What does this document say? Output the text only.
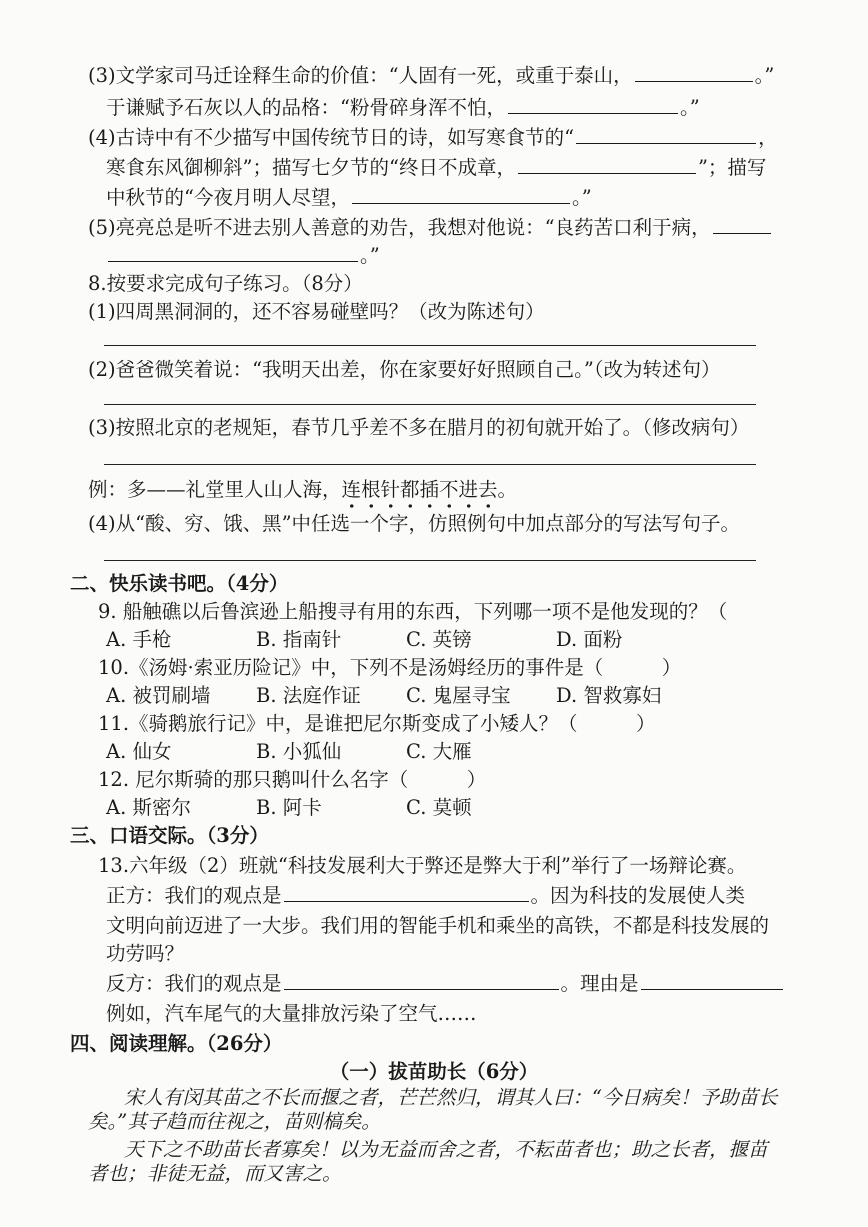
(3)文学家司马迁诠释生命的价值：“人固有一死，或重于泰山，	。”
于谦赋予石灰以人的品格：“粉骨碎身浑不怕，	。”
(4)古诗中有不少描写中国传统节日的诗，如写寒食节的“	，
寒食东风御柳斜”；描写七夕节的“终日不成章，	”；描写
中秋节的“今夜月明人尽望，	。”
(5)亮亮总是听不进去别人善意的劝告，我想对他说：“良药苦口利于病，
。”
8.按要求完成句子练习。（8分）
(1)四周黑洞洞的，还不容易碰壁吗？（改为陈述句）
(2)爸爸微笑着说：“我明天出差，你在家要好好照顾自己。”（改为转述句）
(3)按照北京的老规矩，春节几乎差不多在腊月的初旬就开始了。（修改病句）
例：多——礼堂里人山人海，连根针都插不进去。
(4)从“酸、穷、饿、黑”中任选一个字，仿照例句中加点部分的写法写句子。
二、快乐读书吧。（4分）
9. 船触礁以后鲁滨逊上船搜寻有用的东西，下列哪一项不是他发现的？（
A. 手枪	B. 指南针	C. 英镑	D. 面粉
10.《汤姆·索亚历险记》中，下列不是汤姆经历的事件是（　　　）
A. 被罚刷墙 B. 法庭作证 C. 鬼屋寻宝 D. 智救寡妇
11.《骑鹅旅行记》中，是谁把尼尔斯变成了小矮人？（　　　）
A. 仙女	B. 小狐仙	C. 大雁
12. 尼尔斯骑的那只鹅叫什么名字（　　　）
A. 斯密尔	B. 阿卡	C. 莫顿
三、口语交际。（3分）
13.六年级（2）班就“科技发展利大于弊还是弊大于利”举行了一场辩论赛。
正方：我们的观点是	。因为科技的发展使人类
文明向前迈进了一大步。我们用的智能手机和乘坐的高铁，不都是科技发展的
功劳吗？
反方：我们的观点是	。理由是
例如，汽车尾气的大量排放污染了空气……
四、阅读理解。（26分）
（一）拔苗助长（6分）
宋人有闵其苗之不长而揠之者，芒芒然归，谓其人曰：“今日病矣！予助苗长
矣。”其子趋而往视之，苗则槁矣。
天下之不助苗长者寡矣！以为无益而舍之者，不耘苗者也；助之长者，揠苗
者也；非徒无益，而又害之。
